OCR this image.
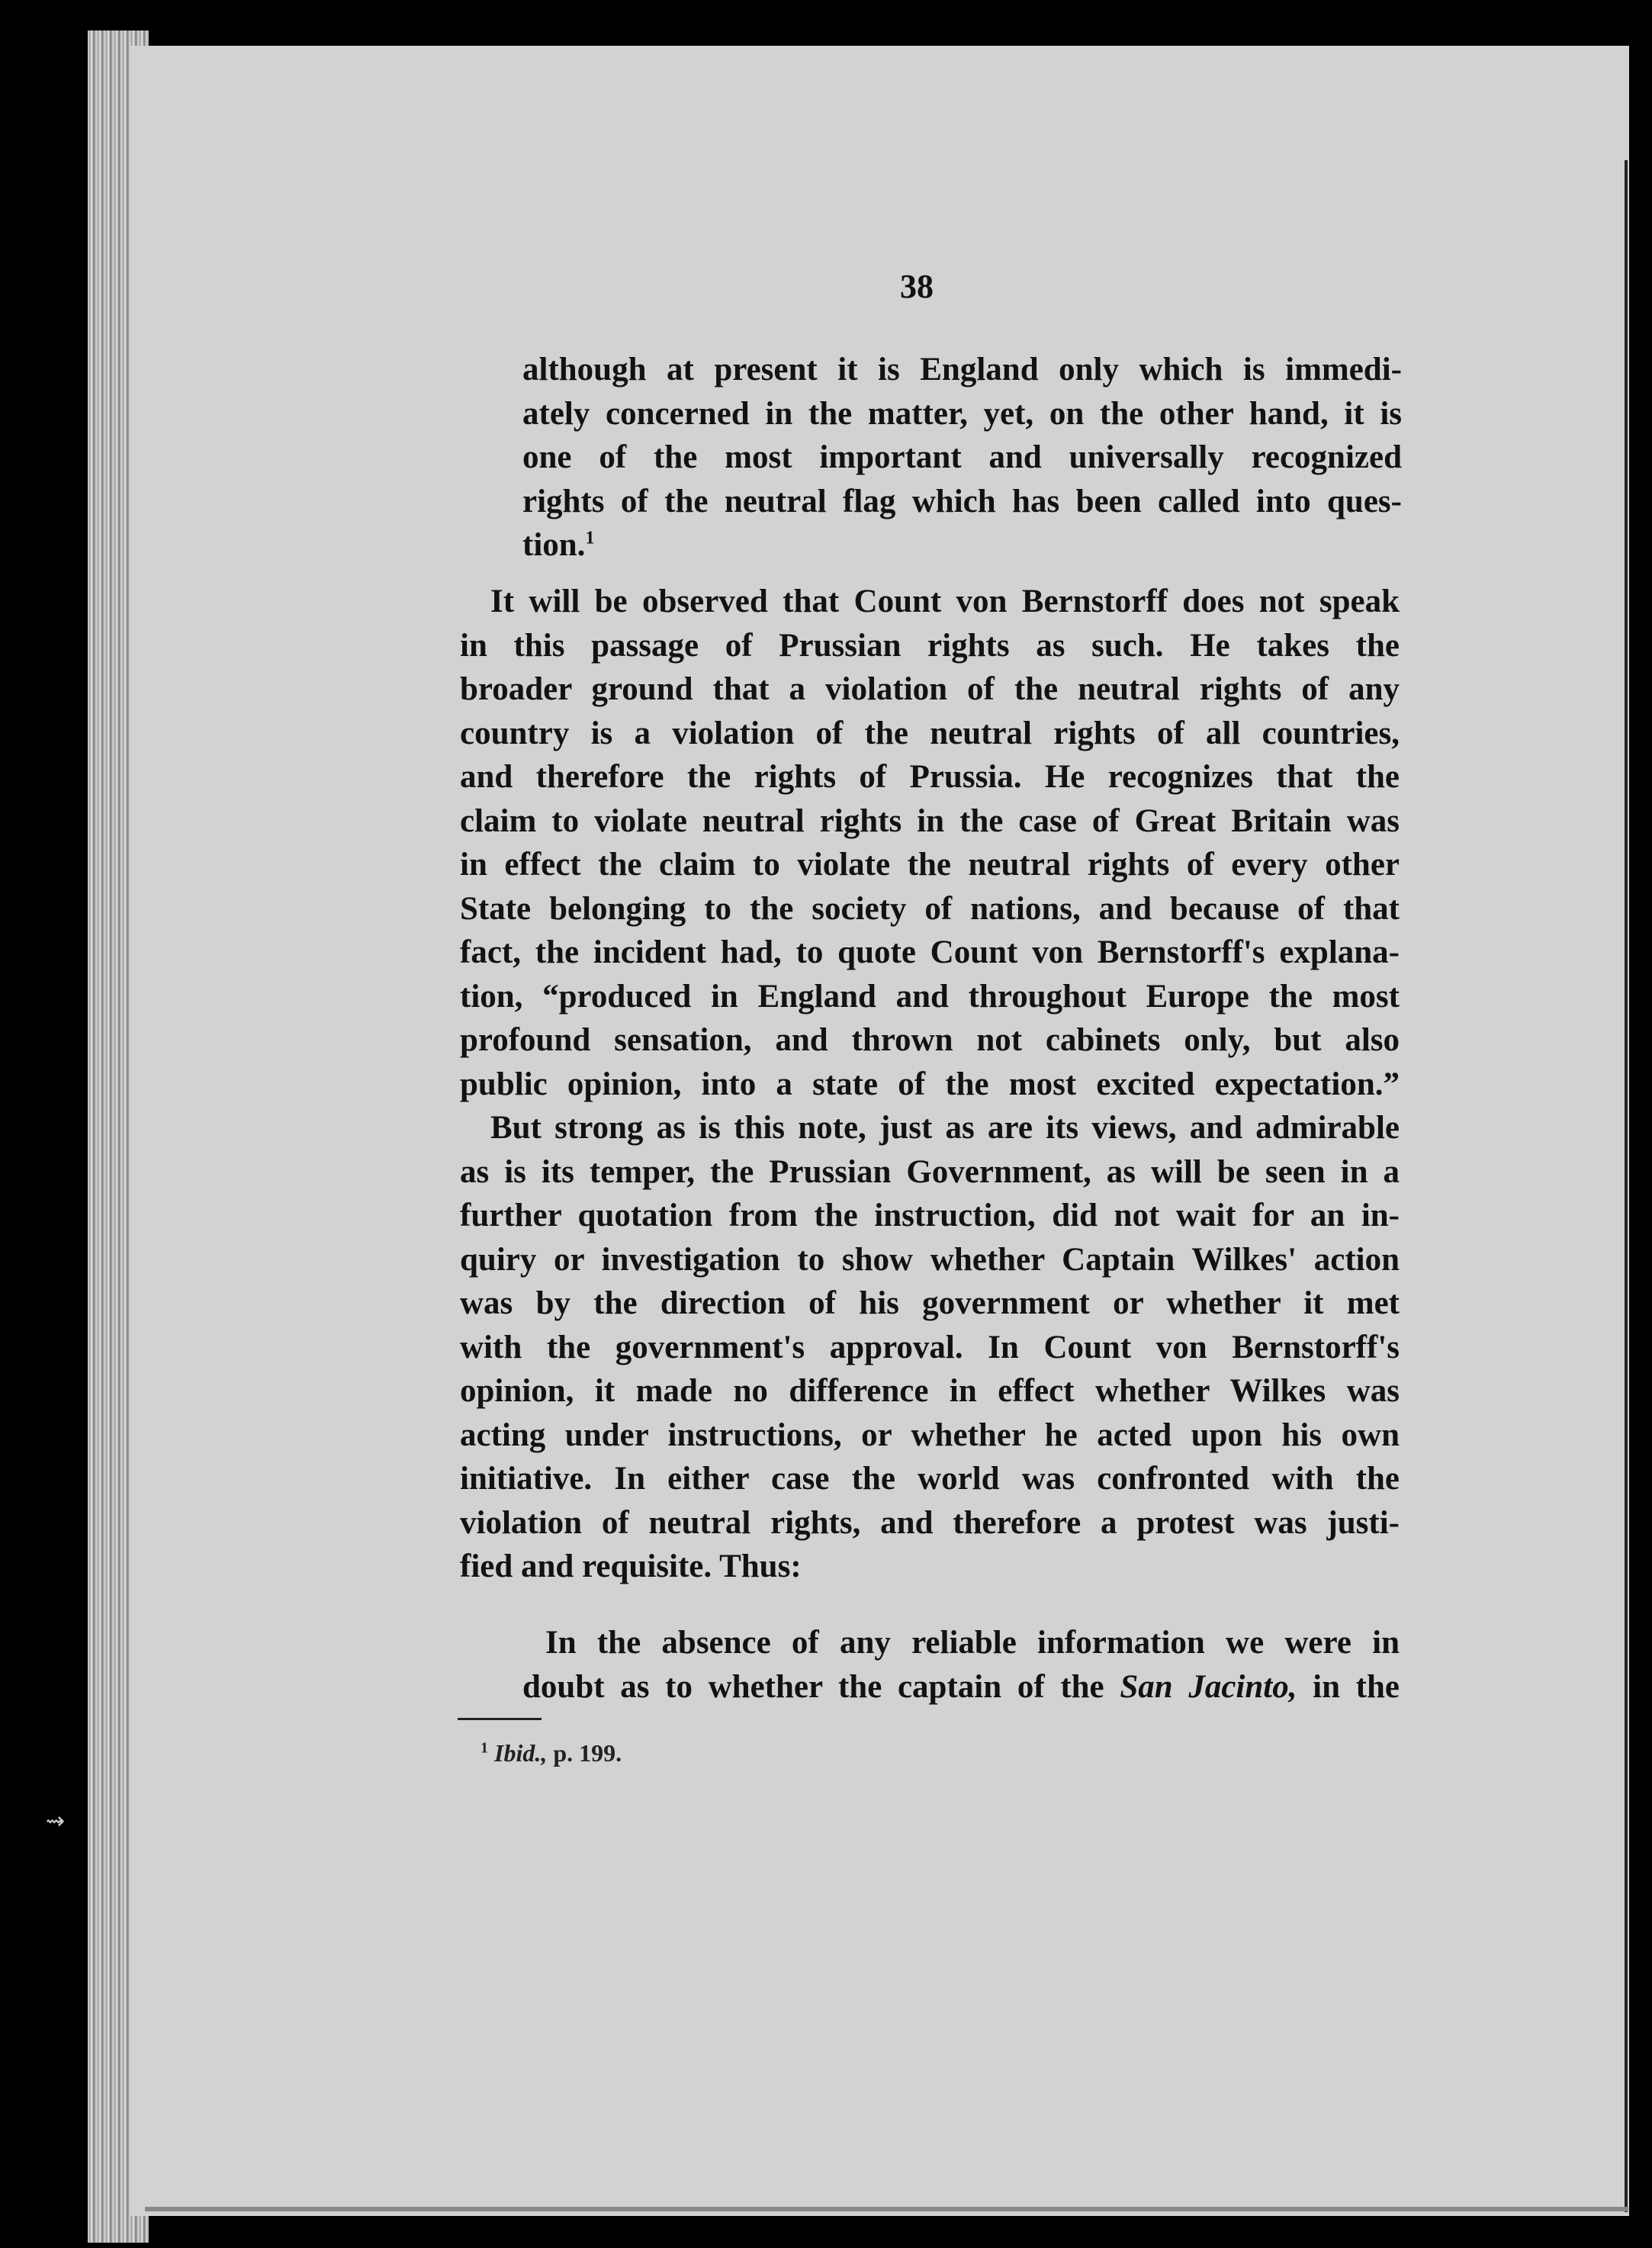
⇝
38

although at present it is England only which is immedi-

ately concerned in the matter, yet, on the other hand, it is

one of the most important and universally recognized

rights of the neutral flag which has been called into ques-

tion.$^1$

It will be observed that Count von Bernstorff does not speak

in this passage of Prussian rights as such. He takes the

broader ground that a violation of the neutral rights of any

country is a violation of the neutral rights of all countries,

and therefore the rights of Prussia. He recognizes that the

claim to violate neutral rights in the case of Great Britain was

in effect the claim to violate the neutral rights of every other

State belonging to the society of nations, and because of that

fact, the incident had, to quote Count von Bernstorff's explana-

tion, “produced in England and throughout Europe the most

profound sensation, and thrown not cabinets only, but also

public opinion, into a state of the most excited expectation.”

But strong as is this note, just as are its views, and admirable

as is its temper, the Prussian Government, as will be seen in a

further quotation from the instruction, did not wait for an in-

quiry or investigation to show whether Captain Wilkes' action

was by the direction of his government or whether it met

with the government's approval. In Count von Bernstorff's

opinion, it made no difference in effect whether Wilkes was

acting under instructions, or whether he acted upon his own

initiative. In either case the world was confronted with the

violation of neutral rights, and therefore a protest was justi-

fied and requisite. Thus:

In the absence of any reliable information we were in

doubt as to whether the captain of the San Jacinto, in the

$^1$ Ibid., p. 199.
